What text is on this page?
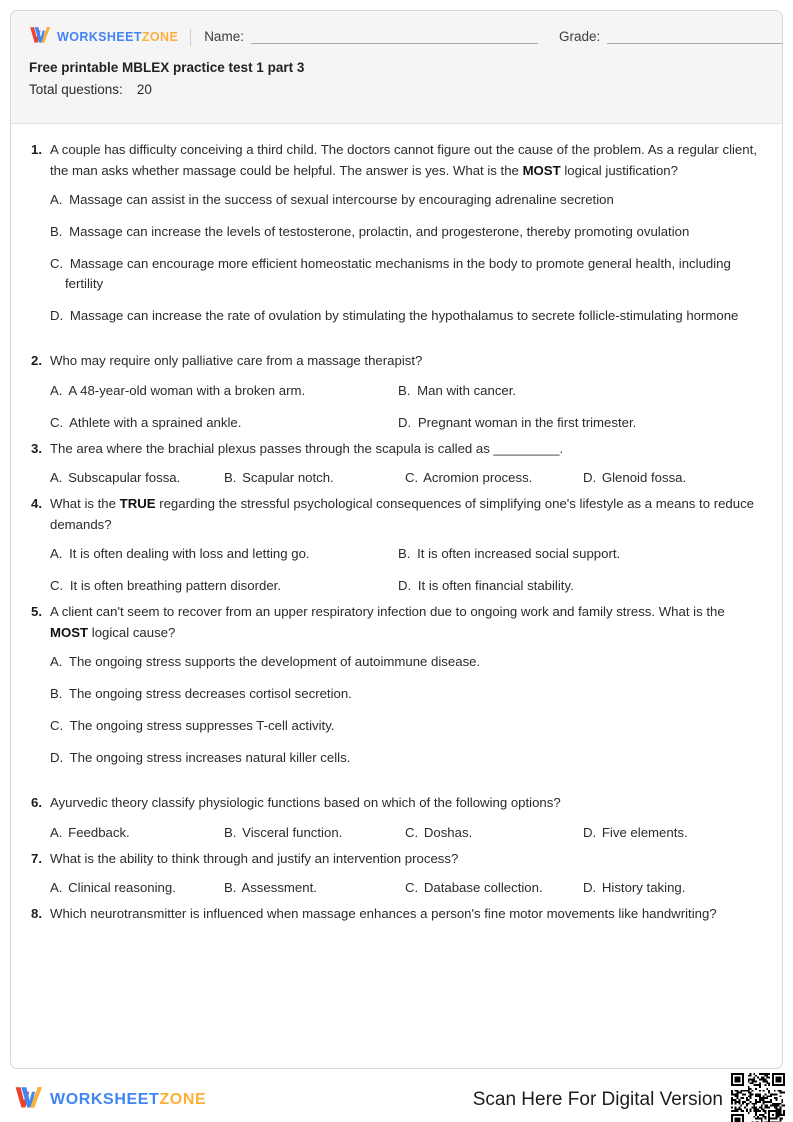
WORKSHEETZONE Name:	Grade:
Free printable MBLEX practice test 1 part 3
Total questions: 20
1. A couple has difficulty conceiving a third child. The doctors cannot figure out the cause of the problem. As a regular client, the man asks whether massage could be helpful. The answer is yes. What is the MOST logical justification?
A. Massage can assist in the success of sexual intercourse by encouraging adrenaline secretion
B. Massage can increase the levels of testosterone, prolactin, and progesterone, thereby promoting ovulation
C. Massage can encourage more efficient homeostatic mechanisms in the body to promote general health, including fertility
D. Massage can increase the rate of ovulation by stimulating the hypothalamus to secrete follicle-stimulating hormone
2. Who may require only palliative care from a massage therapist?
A. A 48-year-old woman with a broken arm.	B. Man with cancer.
C. Athlete with a sprained ankle.	D. Pregnant woman in the first trimester.
3. The area where the brachial plexus passes through the scapula is called as _________.
A. Subscapular fossa.	B. Scapular notch.	C. Acromion process.	D. Glenoid fossa.
4. What is the TRUE regarding the stressful psychological consequences of simplifying one's lifestyle as a means to reduce demands?
A. It is often dealing with loss and letting go.	B. It is often increased social support.
C. It is often breathing pattern disorder.	D. It is often financial stability.
5. A client can't seem to recover from an upper respiratory infection due to ongoing work and family stress. What is the MOST logical cause?
A. The ongoing stress supports the development of autoimmune disease.
B. The ongoing stress decreases cortisol secretion.
C. The ongoing stress suppresses T-cell activity.
D. The ongoing stress increases natural killer cells.
6. Ayurvedic theory classify physiologic functions based on which of the following options?
A. Feedback.	B. Visceral function.	C. Doshas.	D. Five elements.
7. What is the ability to think through and justify an intervention process?
A. Clinical reasoning.	B. Assessment.	C. Database collection.	D. History taking.
8. Which neurotransmitter is influenced when massage enhances a person's fine motor movements like handwriting?
WORKSHEETZONE	Scan Here For Digital Version
